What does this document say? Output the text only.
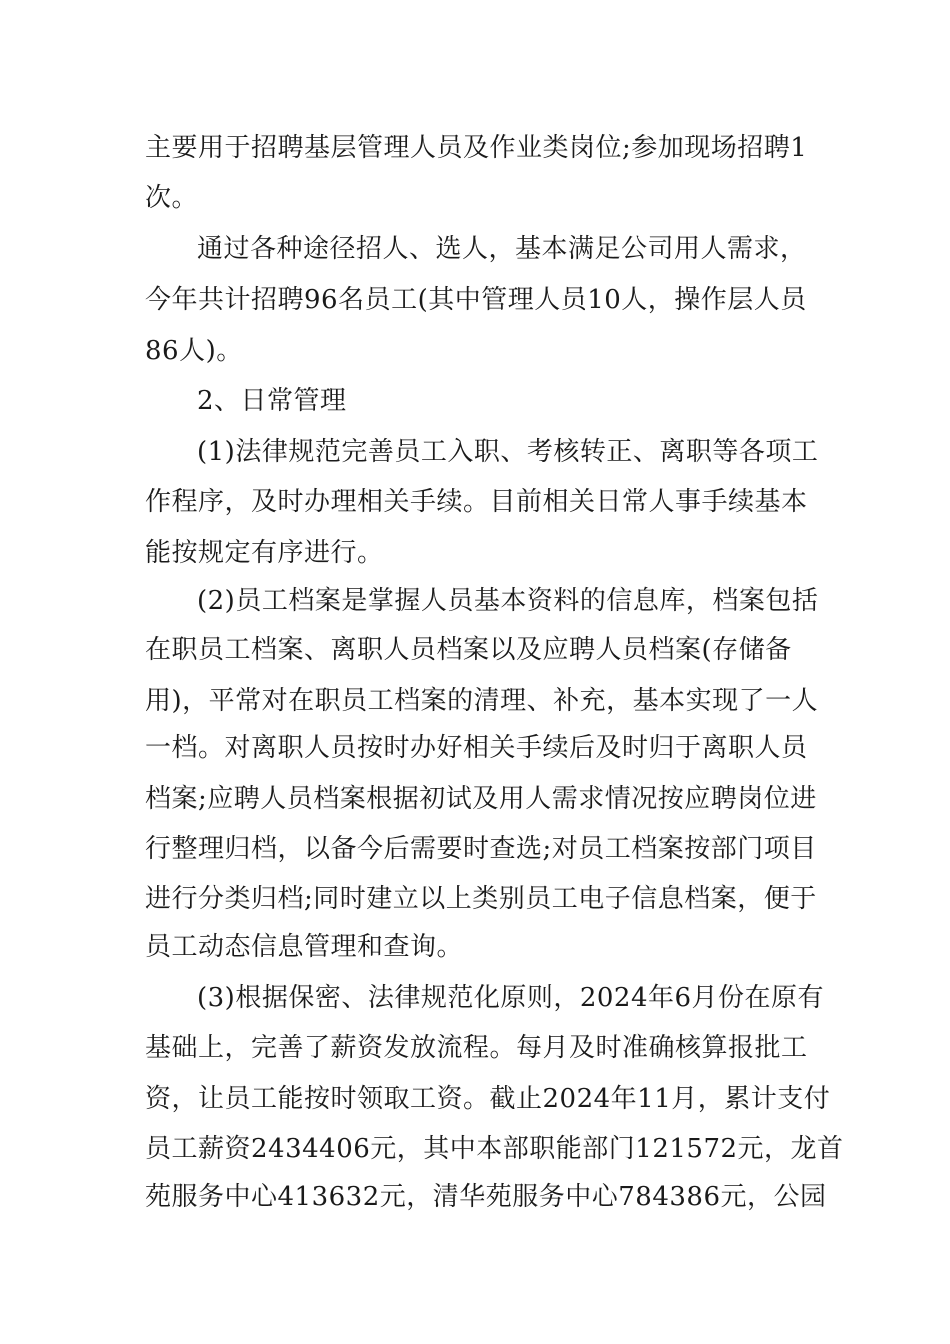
主要用于招聘基层管理人员及作业类岗位;参加现场招聘1
次。
通过各种途径招人、选人，基本满足公司用人需求，
今年共计招聘96名员工(其中管理人员10人，操作层人员
86人)。
2、日常管理
(1)法律规范完善员工入职、考核转正、离职等各项工
作程序，及时办理相关手续。目前相关日常人事手续基本
能按规定有序进行。
(2)员工档案是掌握人员基本资料的信息库，档案包括
在职员工档案、离职人员档案以及应聘人员档案(存储备
用)，平常对在职员工档案的清理、补充，基本实现了一人
一档。对离职人员按时办好相关手续后及时归于离职人员
档案;应聘人员档案根据初试及用人需求情况按应聘岗位进
行整理归档，以备今后需要时查选;对员工档案按部门项目
进行分类归档;同时建立以上类别员工电子信息档案，便于
员工动态信息管理和查询。
(3)根据保密、法律规范化原则，2024年6月份在原有
基础上，完善了薪资发放流程。每月及时准确核算报批工
资，让员工能按时领取工资。截止2024年11月，累计支付
员工薪资2434406元，其中本部职能部门121572元，龙首
苑服务中心413632元，清华苑服务中心784386元，公园
